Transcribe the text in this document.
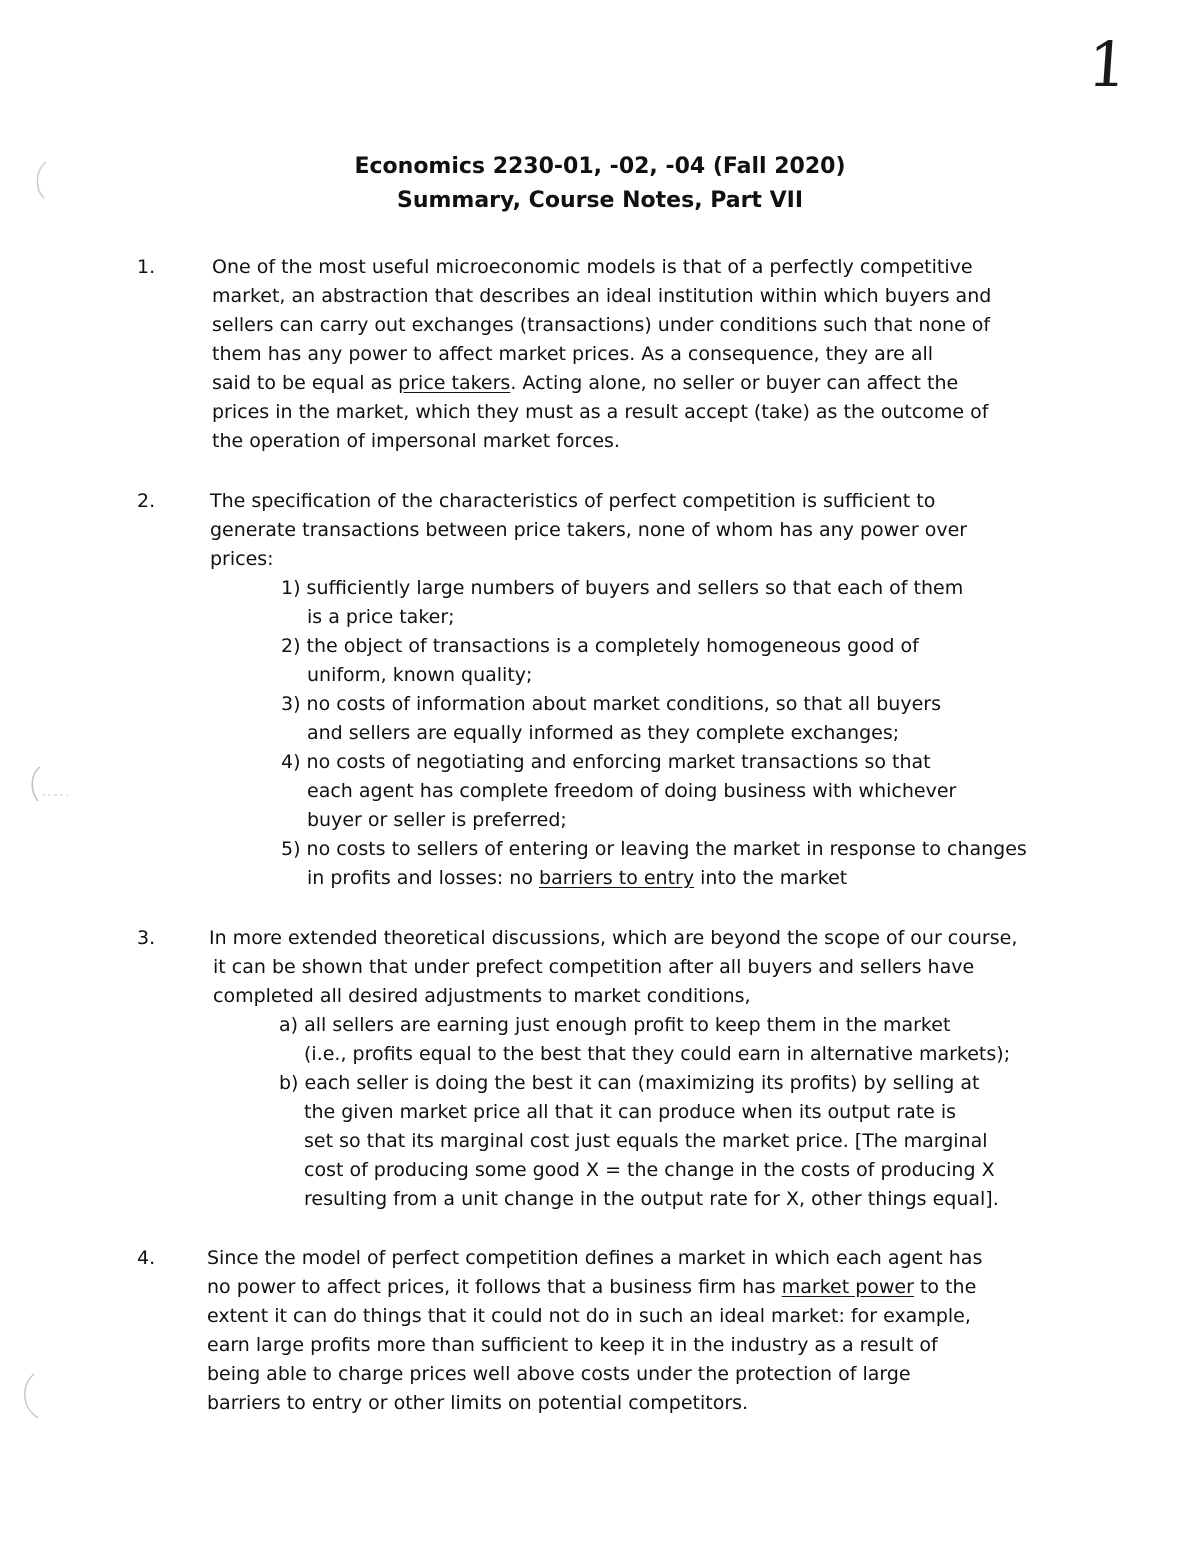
1
Economics 2230-01, -02, -04 (Fall 2020)
Summary, Course Notes, Part VII
1.	One of the most useful microeconomic models is that of a perfectly competitive
market, an abstraction that describes an ideal institution within which buyers and
sellers can carry out exchanges (transactions) under conditions such that none of
them has any power to affect market prices. As a consequence, they are all
said to be equal as price takers. Acting alone, no seller or buyer can affect the
prices in the market, which they must as a result accept (take) as the outcome of
the operation of impersonal market forces.
2.	The specification of the characteristics of perfect competition is sufficient to
generate transactions between price takers, none of whom has any power over
prices:
1) sufficiently large numbers of buyers and sellers so that each of them
is a price taker;
2) the object of transactions is a completely homogeneous good of
uniform, known quality;
3) no costs of information about market conditions, so that all buyers
and sellers are equally informed as they complete exchanges;
4) no costs of negotiating and enforcing market transactions so that
each agent has complete freedom of doing business with whichever
buyer or seller is preferred;
5) no costs to sellers of entering or leaving the market in response to changes
in profits and losses: no barriers to entry into the market
3.	In more extended theoretical discussions, which are beyond the scope of our course,
it can be shown that under prefect competition after all buyers and sellers have
completed all desired adjustments to market conditions,
a) all sellers are earning just enough profit to keep them in the market
(i.e., profits equal to the best that they could earn in alternative markets);
b) each seller is doing the best it can (maximizing its profits) by selling at
the given market price all that it can produce when its output rate is
set so that its marginal cost just equals the market price. [The marginal
cost of producing some good X = the change in the costs of producing X
resulting from a unit change in the output rate for X, other things equal].
4.	Since the model of perfect competition defines a market in which each agent has
no power to affect prices, it follows that a business firm has market power to the
extent it can do things that it could not do in such an ideal market: for example,
earn large profits more than sufficient to keep it in the industry as a result of
being able to charge prices well above costs under the protection of large
barriers to entry or other limits on potential competitors.
